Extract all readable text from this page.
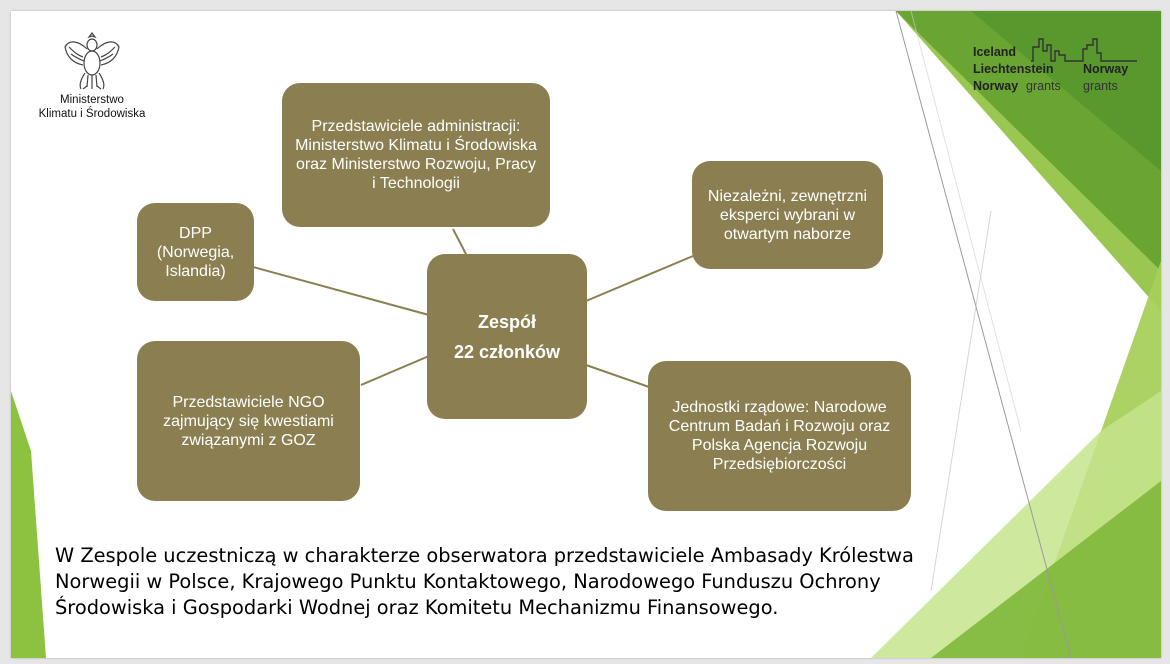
Ministerstwo
Klimatu i Środowiska
Iceland
Liechtenstein
Norway grants
Norway
grants
Przedstawiciele administracji: Ministerstwo Klimatu i Środowiska oraz Ministerstwo Rozwoju, Pracy i Technologii
Niezależni, zewnętrzni eksperci wybrani w otwartym naborze
DPP (Norwegia, Islandia)
Zespół
22 członków
Przedstawiciele NGO zajmujący się kwestiami związanymi z GOZ
Jednostki rządowe: Narodowe Centrum Badań i Rozwoju oraz Polska Agencja Rozwoju Przedsiębiorczości
W Zespole uczestniczą w charakterze obserwatora przedstawiciele Ambasady Królestwa
Norwegii w Polsce, Krajowego Punktu Kontaktowego, Narodowego Funduszu Ochrony
Środowiska i Gospodarki Wodnej oraz Komitetu Mechanizmu Finansowego.
